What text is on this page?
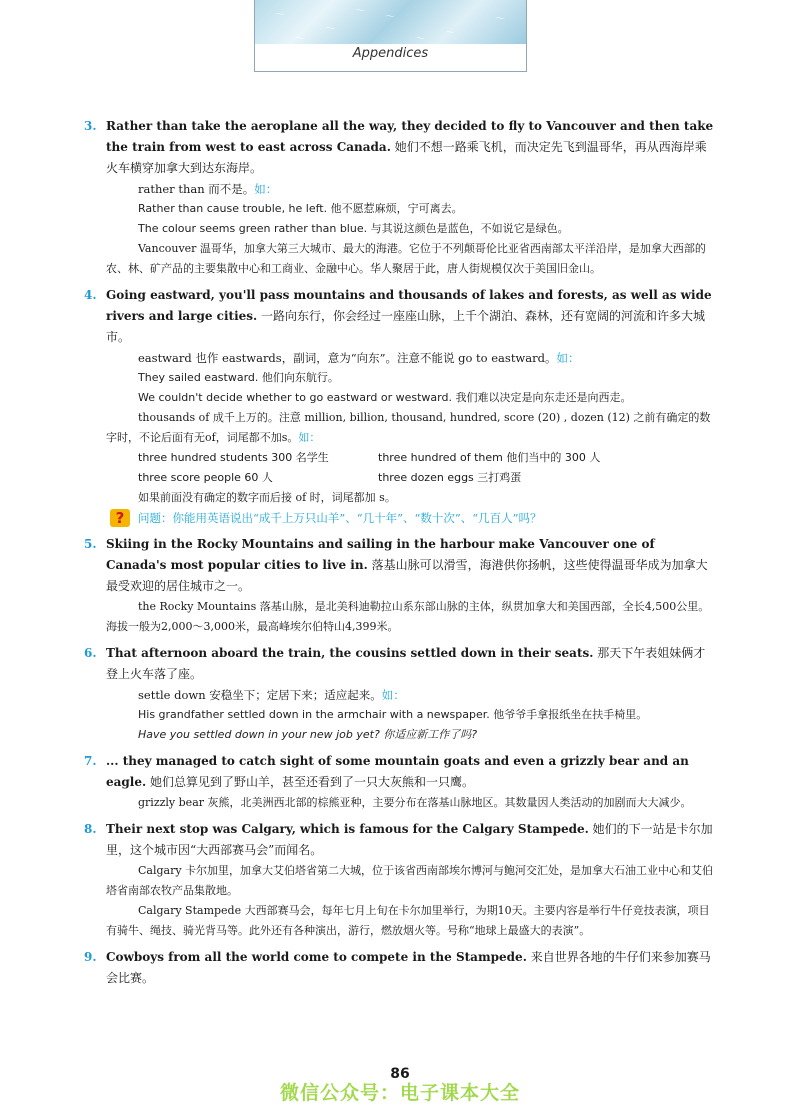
～
～
～
～
～
～	～
～
Appendices
3. Rather than take the aeroplane all the way, they decided to fly to Vancouver and then take the train from west to east across Canada. 她们不想一路乘飞机，而决定先飞到温哥华，再从西海岸乘火车横穿加拿大到达东海岸。
rather than 而不是。如：
Rather than cause trouble, he left. 他不愿惹麻烦，宁可离去。
The colour seems green rather than blue. 与其说这颜色是蓝色，不如说它是绿色。
Vancouver 温哥华，加拿大第三大城市、最大的海港。它位于不列颠哥伦比亚省西南部太平洋沿岸，是加拿大西部的农、林、矿产品的主要集散中心和工商业、金融中心。华人聚居于此，唐人街规模仅次于美国旧金山。
4. Going eastward, you'll pass mountains and thousands of lakes and forests, as well as wide rivers and large cities. 一路向东行，你会经过一座座山脉，上千个湖泊、森林，还有宽阔的河流和许多大城市。
eastward 也作 eastwards，副词，意为“向东”。注意不能说 go to eastward。如：
They sailed eastward. 他们向东航行。
We couldn't decide whether to go eastward or westward. 我们难以决定是向东走还是向西走。
thousands of 成千上万的。注意 million, billion, thousand, hundred, score (20) , dozen (12) 之前有确定的数字时，不论后面有无of，词尾都不加s。如：
three hundred students 300 名学生	three hundred of them 他们当中的 300 人
three score people 60 人	three dozen eggs 三打鸡蛋
如果前面没有确定的数字而后接 of 时，词尾都加 s。
?	问题：你能用英语说出“成千上万只山羊”、“几十年”、“数十次”、“几百人”吗？
5. Skiing in the Rocky Mountains and sailing in the harbour make Vancouver one of Canada's most popular cities to live in. 落基山脉可以滑雪，海港供你扬帆，这些使得温哥华成为加拿大最受欢迎的居住城市之一。
the Rocky Mountains 落基山脉，是北美科迪勒拉山系东部山脉的主体，纵贯加拿大和美国西部，全长4,500公里。海拔一般为2,000～3,000米，最高峰埃尔伯特山4,399米。
6. That afternoon aboard the train, the cousins settled down in their seats. 那天下午表姐妹俩才登上火车落了座。
settle down 安稳坐下；定居下来；适应起来。如：
His grandfather settled down in the armchair with a newspaper. 他爷爷手拿报纸坐在扶手椅里。
Have you settled down in your new job yet? 你适应新工作了吗?
7. ... they managed to catch sight of some mountain goats and even a grizzly bear and an eagle. 她们总算见到了野山羊，甚至还看到了一只大灰熊和一只鹰。
grizzly bear 灰熊，北美洲西北部的棕熊亚种，主要分布在落基山脉地区。其数量因人类活动的加剧而大大减少。
8. Their next stop was Calgary, which is famous for the Calgary Stampede. 她们的下一站是卡尔加里，这个城市因“大西部赛马会”而闻名。
Calgary 卡尔加里，加拿大艾伯塔省第二大城，位于该省西南部埃尔博河与鲍河交汇处，是加拿大石油工业中心和艾伯塔省南部农牧产品集散地。
Calgary Stampede 大西部赛马会，每年七月上旬在卡尔加里举行，为期10天。主要内容是举行牛仔竞技表演，项目有骑牛、绳技、骑光背马等。此外还有各种演出，游行，燃放烟火等。号称“地球上最盛大的表演”。
9. Cowboys from all the world come to compete in the Stampede. 来自世界各地的牛仔们来参加赛马会比赛。
86
微信公众号：电子课本大全
